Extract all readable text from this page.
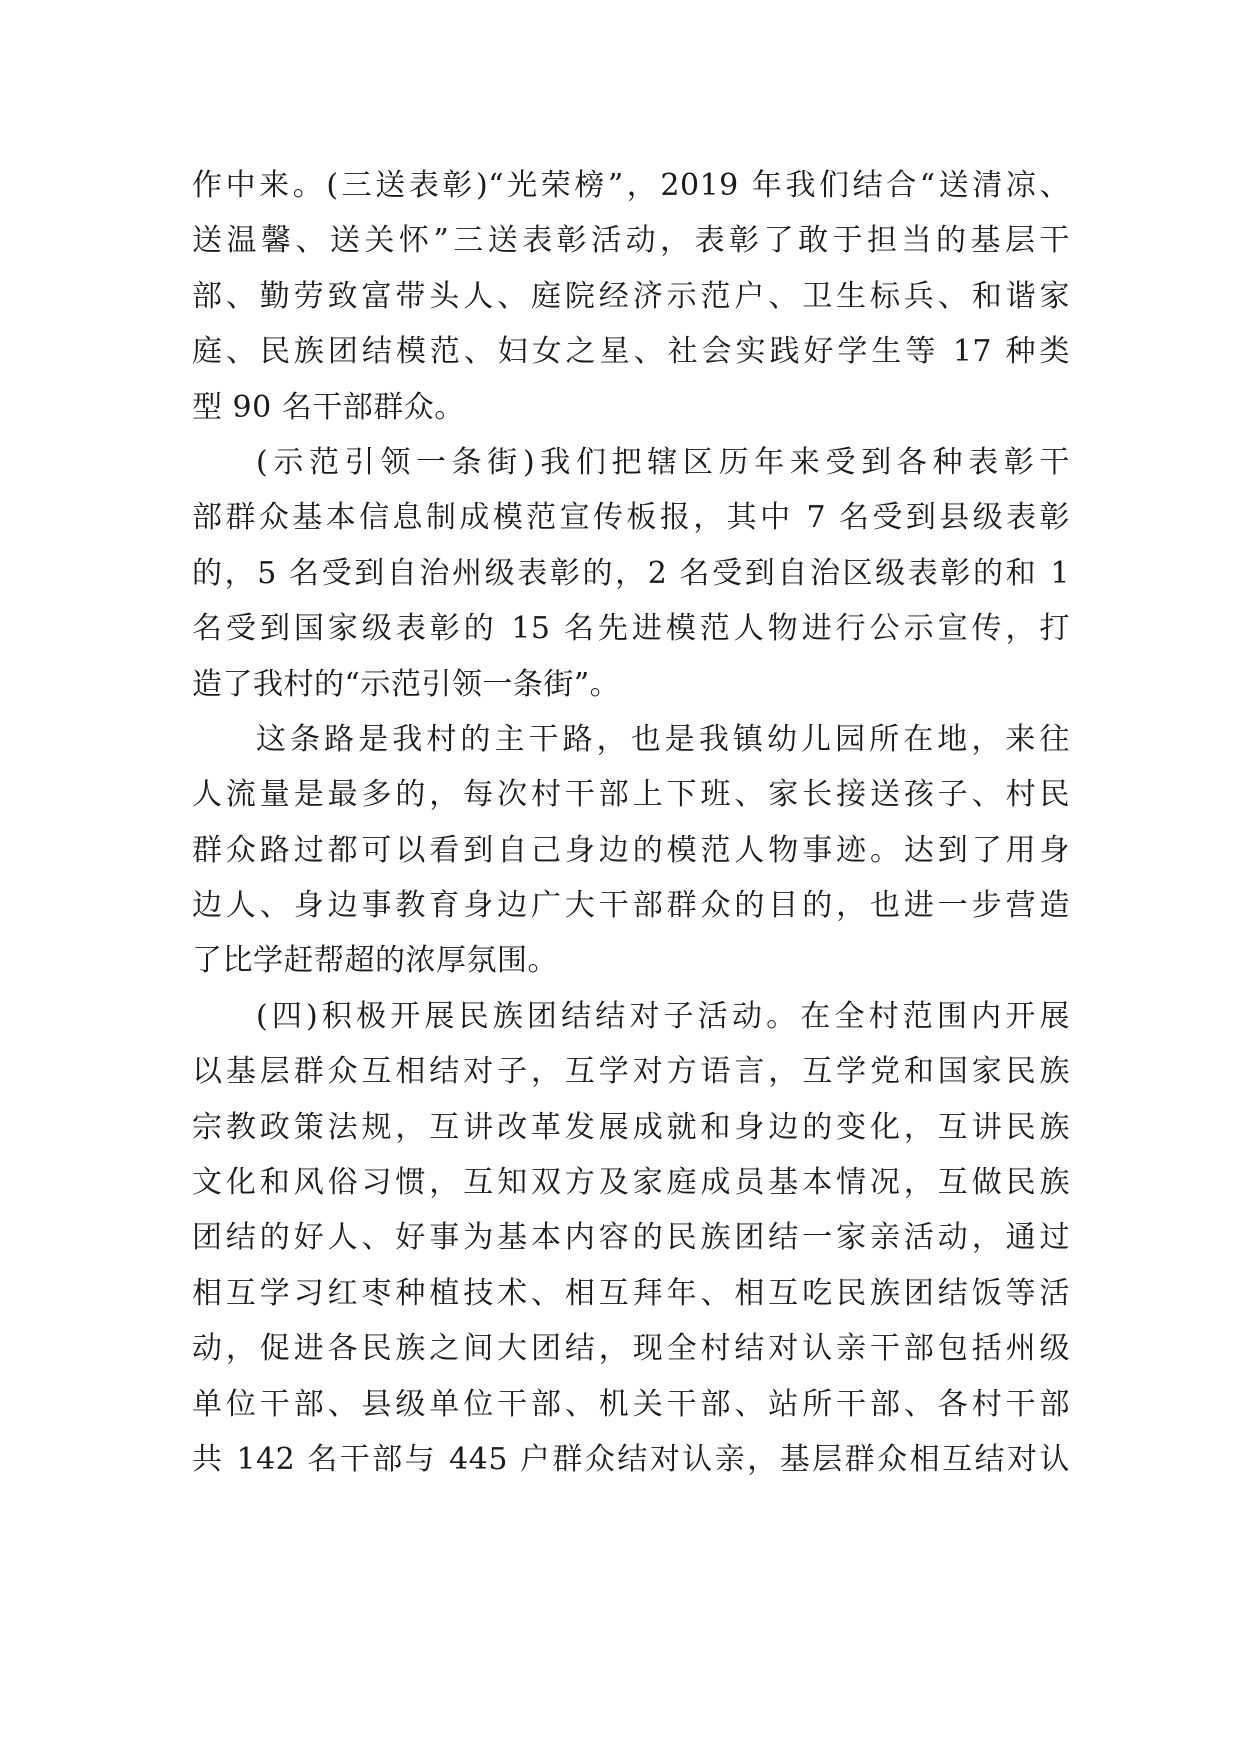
作中来。(三送表彰)“光荣榜”，2019 年我们结合“送清凉、
送温馨、送关怀”三送表彰活动，表彰了敢于担当的基层干
部、勤劳致富带头人、庭院经济示范户、卫生标兵、和谐家
庭、民族团结模范、妇女之星、社会实践好学生等 17 种类
型 90 名干部群众。
(示范引领一条街)我们把辖区历年来受到各种表彰干
部群众基本信息制成模范宣传板报，其中 7 名受到县级表彰
的，5 名受到自治州级表彰的，2 名受到自治区级表彰的和 1
名受到国家级表彰的 15 名先进模范人物进行公示宣传，打
造了我村的“示范引领一条街”。
这条路是我村的主干路，也是我镇幼儿园所在地，来往
人流量是最多的，每次村干部上下班、家长接送孩子、村民
群众路过都可以看到自己身边的模范人物事迹。达到了用身
边人、身边事教育身边广大干部群众的目的，也进一步营造
了比学赶帮超的浓厚氛围。
(四)积极开展民族团结结对子活动。在全村范围内开展
以基层群众互相结对子，互学对方语言，互学党和国家民族
宗教政策法规，互讲改革发展成就和身边的变化，互讲民族
文化和风俗习惯，互知双方及家庭成员基本情况，互做民族
团结的好人、好事为基本内容的民族团结一家亲活动，通过
相互学习红枣种植技术、相互拜年、相互吃民族团结饭等活
动，促进各民族之间大团结，现全村结对认亲干部包括州级
单位干部、县级单位干部、机关干部、站所干部、各村干部
共 142 名干部与 445 户群众结对认亲，基层群众相互结对认
